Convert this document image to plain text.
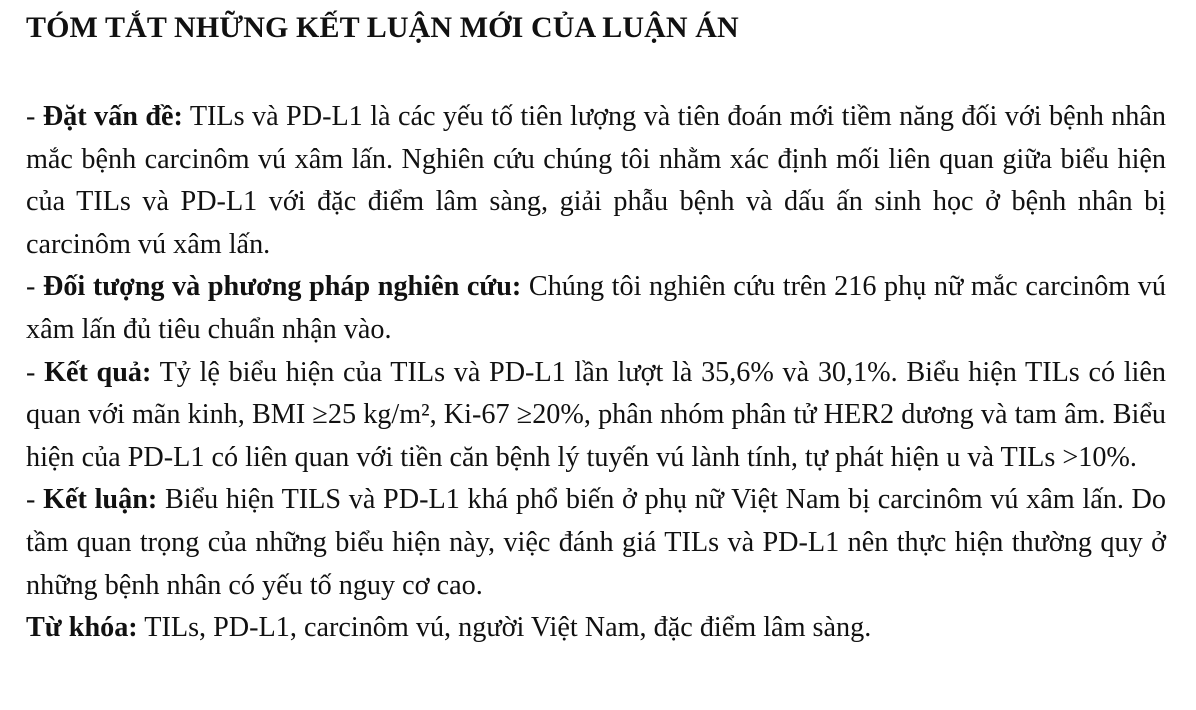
TÓM TẮT NHỮNG KẾT LUẬN MỚI CỦA LUẬN ÁN

- Đặt vấn đề: TILs và PD-L1 là các yếu tố tiên lượng và tiên đoán mới tiềm năng đối với bệnh nhân mắc bệnh carcinôm vú xâm lấn. Nghiên cứu chúng tôi nhằm xác định mối liên quan giữa biểu hiện của TILs và PD-L1 với đặc điểm lâm sàng, giải phẫu bệnh và dấu ấn sinh học ở bệnh nhân bị carcinôm vú xâm lấn.

- Đối tượng và phương pháp nghiên cứu: Chúng tôi nghiên cứu trên 216 phụ nữ mắc carcinôm vú xâm lấn đủ tiêu chuẩn nhận vào.

- Kết quả: Tỷ lệ biểu hiện của TILs và PD-L1 lần lượt là 35,6% và 30,1%. Biểu hiện TILs có liên quan với mãn kinh, BMI ≥25 kg/m², Ki-67 ≥20%, phân nhóm phân tử HER2 dương và tam âm. Biểu hiện của PD-L1 có liên quan với tiền căn bệnh lý tuyến vú lành tính, tự phát hiện u và TILs >10%.

- Kết luận: Biểu hiện TILS và PD-L1 khá phổ biến ở phụ nữ Việt Nam bị carcinôm vú xâm lấn. Do tầm quan trọng của những biểu hiện này, việc đánh giá TILs và PD-L1 nên thực hiện thường quy ở những bệnh nhân có yếu tố nguy cơ cao.

Từ khóa: TILs, PD-L1, carcinôm vú, người Việt Nam, đặc điểm lâm sàng.
